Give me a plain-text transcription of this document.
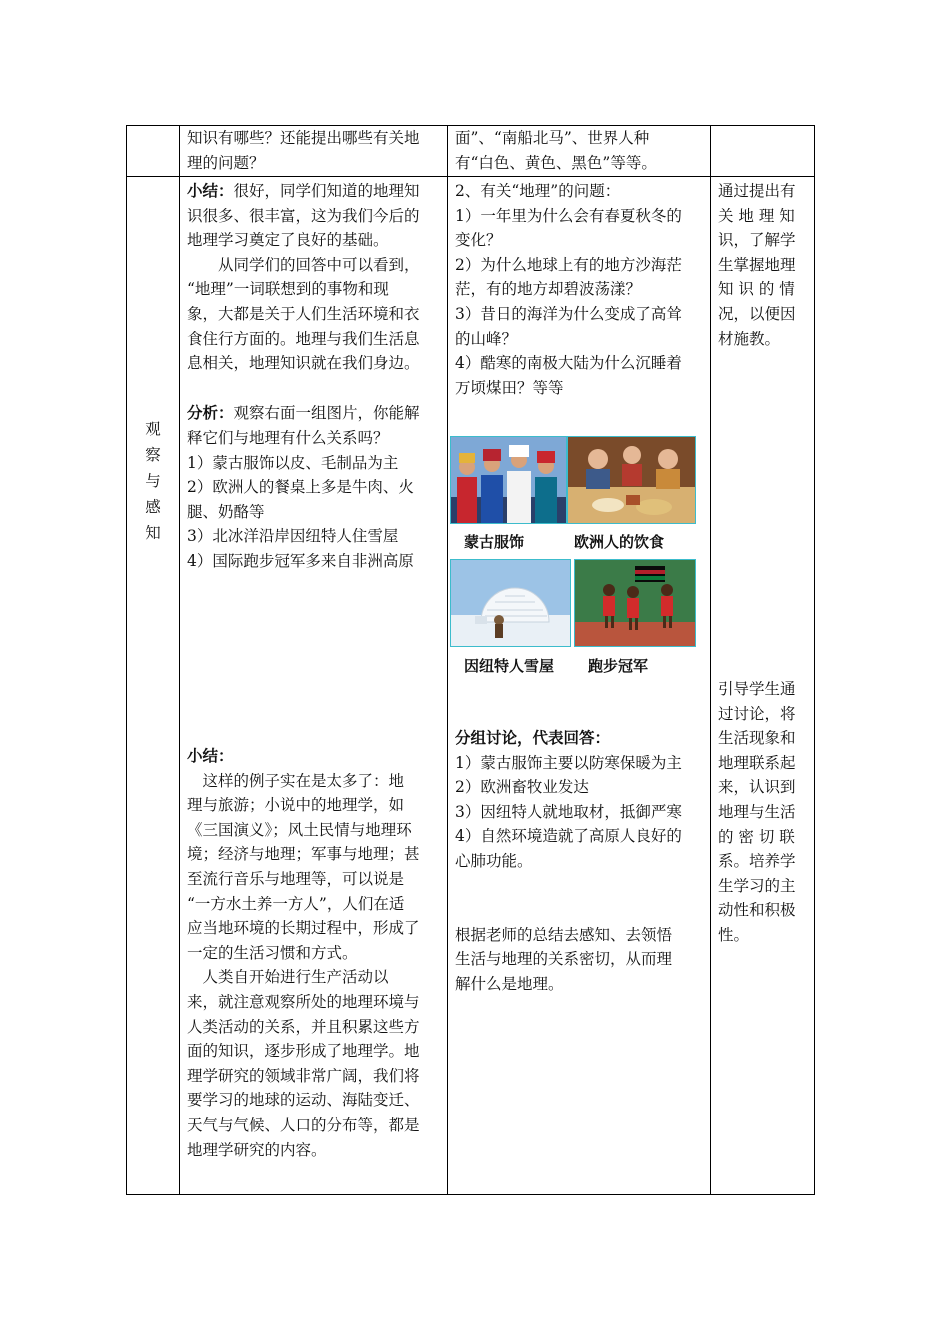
知识有哪些？还能提出哪些有关地

理的问题？

面”、“南船北马”、世界人种

有“白色、黄色、黑色”等等。

观
察
与
感
知

小结：很好，同学们知道的地理知

识很多、很丰富，这为我们今后的

地理学习奠定了良好的基础。

从同学们的回答中可以看到，

“地理”一词联想到的事物和现

象，大都是关于人们生活环境和衣

食住行方面的。地理与我们生活息

息相关，地理知识就在我们身边。

分析：观察右面一组图片，你能解

释它们与地理有什么关系吗？

1）蒙古服饰以皮、毛制品为主

2）欧洲人的餐桌上多是牛肉、火

腿、奶酪等

3）北冰洋沿岸因纽特人住雪屋

4）国际跑步冠军多来自非洲高原

小结：

这样的例子实在是太多了：地

理与旅游；小说中的地理学，如

《三国演义》；风土民情与地理环

境；经济与地理；军事与地理；甚

至流行音乐与地理等，可以说是

“一方水土养一方人”，人们在适

应当地环境的长期过程中，形成了

一定的生活习惯和方式。

人类自开始进行生产活动以

来，就注意观察所处的地理环境与

人类活动的关系，并且积累这些方

面的知识，逐步形成了地理学。地

理学研究的领域非常广阔，我们将

要学习的地球的运动、海陆变迁、

天气与气候、人口的分布等，都是

地理学研究的内容。

2、有关“地理”的问题：

1）一年里为什么会有春夏秋冬的

变化？

2）为什么地球上有的地方沙海茫

茫，有的地方却碧波荡漾？

3）昔日的海洋为什么变成了高耸

的山峰？

4）酷寒的南极大陆为什么沉睡着

万顷煤田？等等

蒙古服饰	欧洲人的饮食
因纽特人雪屋 跑步冠军

分组讨论，代表回答：

1）蒙古服饰主要以防寒保暖为主

2）欧洲畜牧业发达

3）因纽特人就地取材，抵御严寒

4）自然环境造就了高原人良好的

心肺功能。

根据老师的总结去感知、去领悟

生活与地理的关系密切，从而理

解什么是地理。

通过提出有

关 地 理 知

识，了解学

生掌握地理

知 识 的 情

况，以便因

材施教。

引导学生通

过讨论，将

生活现象和

地理联系起

来，认识到

地理与生活

的 密 切 联

系。培养学

生学习的主

动性和积极

性。
